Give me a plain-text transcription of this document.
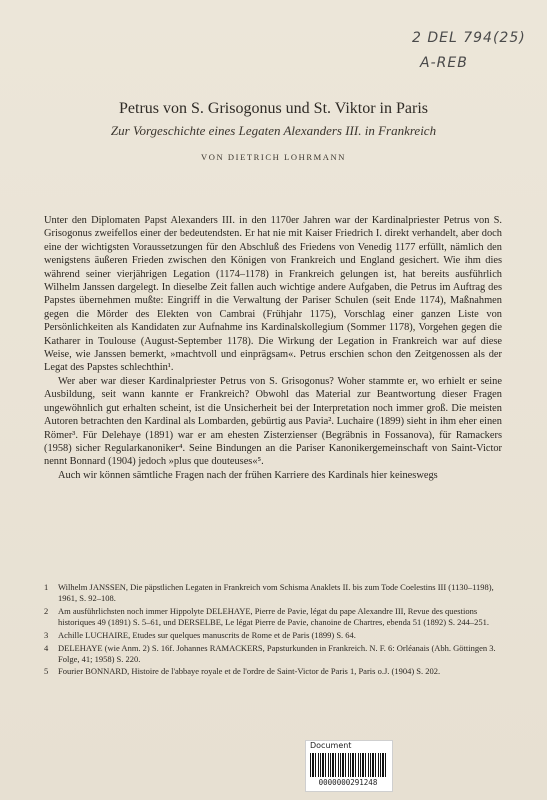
2 DEL 794(25)
A-REB
Petrus von S. Grisogonus und St. Viktor in Paris
Zur Vorgeschichte eines Legaten Alexanders III. in Frankreich
VON DIETRICH LOHRMANN

Unter den Diplomaten Papst Alexanders III. in den 1170er Jahren war der Kardinalpriester Petrus von S. Grisogonus zweifellos einer der bedeutendsten. Er hat nie mit Kaiser Friedrich I. direkt verhandelt, aber doch eine der wichtigsten Voraussetzungen für den Abschluß des Friedens von Venedig 1177 erfüllt, nämlich den wenigstens äußeren Frieden zwischen den Königen von Frankreich und England gesichert. Wie ihm dies während seiner vierjährigen Legation (1174–1178) in Frankreich gelungen ist, hat bereits ausführlich Wilhelm Janssen dargelegt. In dieselbe Zeit fallen auch wichtige andere Aufgaben, die Petrus im Auftrag des Papstes übernehmen mußte: Eingriff in die Verwaltung der Pariser Schulen (seit Ende 1174), Maßnahmen gegen die Mörder des Elekten von Cambrai (Frühjahr 1175), Vorschlag einer ganzen Liste von Persönlichkeiten als Kandidaten zur Aufnahme ins Kardinalskollegium (Sommer 1178), Vorgehen gegen die Katharer in Toulouse (August-September 1178). Die Wirkung der Legation in Frankreich war auf diese Weise, wie Janssen bemerkt, »machtvoll und einprägsam«. Petrus erschien schon den Zeitgenossen als der Legat des Papstes schlechthin¹.

Wer aber war dieser Kardinalpriester Petrus von S. Grisogonus? Woher stammte er, wo erhielt er seine Ausbildung, seit wann kannte er Frankreich? Obwohl das Material zur Beantwortung dieser Fragen ungewöhnlich gut erhalten scheint, ist die Unsicherheit bei der Interpretation noch immer groß. Die meisten Autoren betrachten den Kardinal als Lombarden, gebürtig aus Pavia². Luchaire (1899) sieht in ihm eher einen Römer³. Für Delehaye (1891) war er am ehesten Zisterzienser (Begräbnis in Fossanova), für Ramackers (1958) sicher Regularkanoniker⁴. Seine Bindungen an die Pariser Kanonikergemeinschaft von Saint-Victor nennt Bonnard (1904) jedoch »plus que douteuses«⁵.

Auch wir können sämtliche Fragen nach der frühen Karriere des Kardinals hier keineswegs

1 Wilhelm JANSSEN, Die päpstlichen Legaten in Frankreich vom Schisma Anaklets II. bis zum Tode Coelestins III (1130–1198), 1961, S. 92–108.
2 Am ausführlichsten noch immer Hippolyte DELEHAYE, Pierre de Pavie, légat du pape Alexandre III, Revue des questions historiques 49 (1891) S. 5–61, und DERSELBE, Le légat Pierre de Pavie, chanoine de Chartres, ebenda 51 (1892) S. 244–251.
3 Achille LUCHAIRE, Etudes sur quelques manuscrits de Rome et de Paris (1899) S. 64.
4 DELEHAYE (wie Anm. 2) S. 16f. Johannes RAMACKERS, Papsturkunden in Frankreich. N. F. 6: Orléanais (Abh. Göttingen 3. Folge, 41; 1958) S. 220.
5 Fourier BONNARD, Histoire de l'abbaye royale et de l'ordre de Saint-Victor de Paris 1, Paris o.J. (1904) S. 202.
Document
0000000291248
